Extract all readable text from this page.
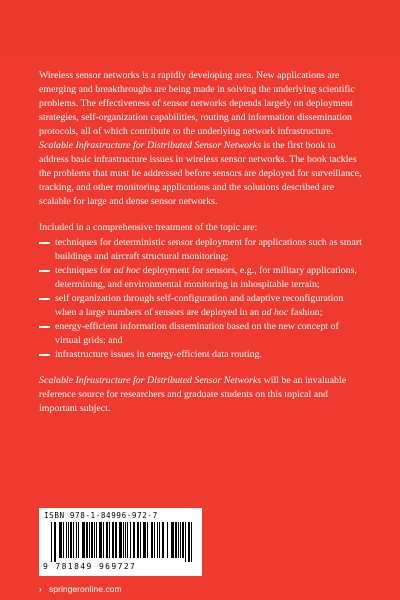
Wireless sensor networks is a rapidly developing area. New applications are emerging and breakthroughs are being made in solving the underlying scientific problems. The effectiveness of sensor networks depends largely on deployment strategies, self-organization capabilities, routing and information dissemination protocols, all of which contribute to the underlying network infrastructure. Scalable Infrastructure for Distributed Sensor Networks is the first book to address basic infrastructure issues in wireless sensor networks. The book tackles the problems that must be addressed before sensors are deployed for surveillance, tracking, and other monitoring applications and the solutions described are scalable for large and dense sensor networks.

Included in a comprehensive treatment of the topic are:

techniques for deterministic sensor deployment for applications such as smart buildings and aircraft structural monitoring;
techniques for ad hoc deployment for sensors, e.g., for military applications, determining, and environmental monitoring in inhospitable terrain;
self organization through self-configuration and adaptive reconfiguration when a large numbers of sensors are deployed in an ad hoc fashion;
energy-efficient information dissemination based on the new concept of virtual grids; and
infrastructure issues in energy-efficient data routing.

Scalable Infrastructure for Distributed Sensor Networks will be an invaluable reference source for researchers and graduate students on this topical and important subject.

ISBN 978-1-84996-972-7
9 781849 969727
› springeronline.com
